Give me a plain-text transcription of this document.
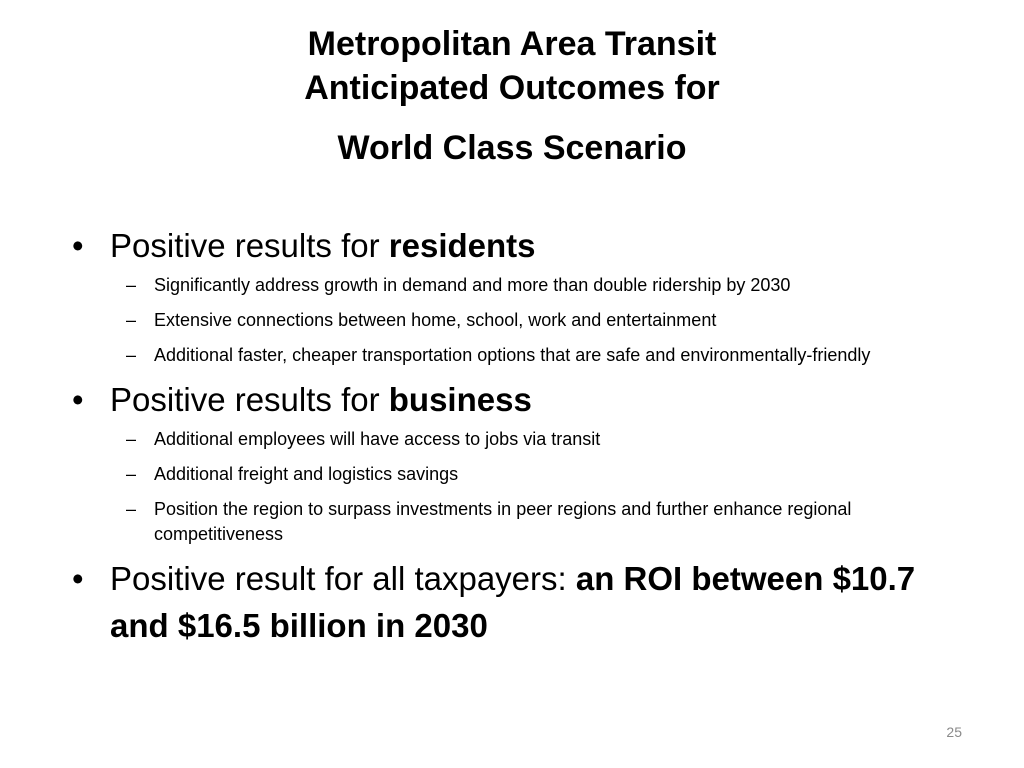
Metropolitan Area Transit
Anticipated Outcomes for
World Class Scenario
• Positive results for residents
– Significantly address growth in demand and more than double ridership by 2030
– Extensive connections between home, school, work and entertainment
– Additional faster, cheaper transportation options that are safe and environmentally-friendly
• Positive results for business
– Additional employees will have access to jobs via transit
– Additional freight and logistics savings
– Position the region to surpass investments in peer regions and further enhance regional competitiveness
• Positive result for all taxpayers: an ROI between $10.7 and $16.5 billion in 2030
25
